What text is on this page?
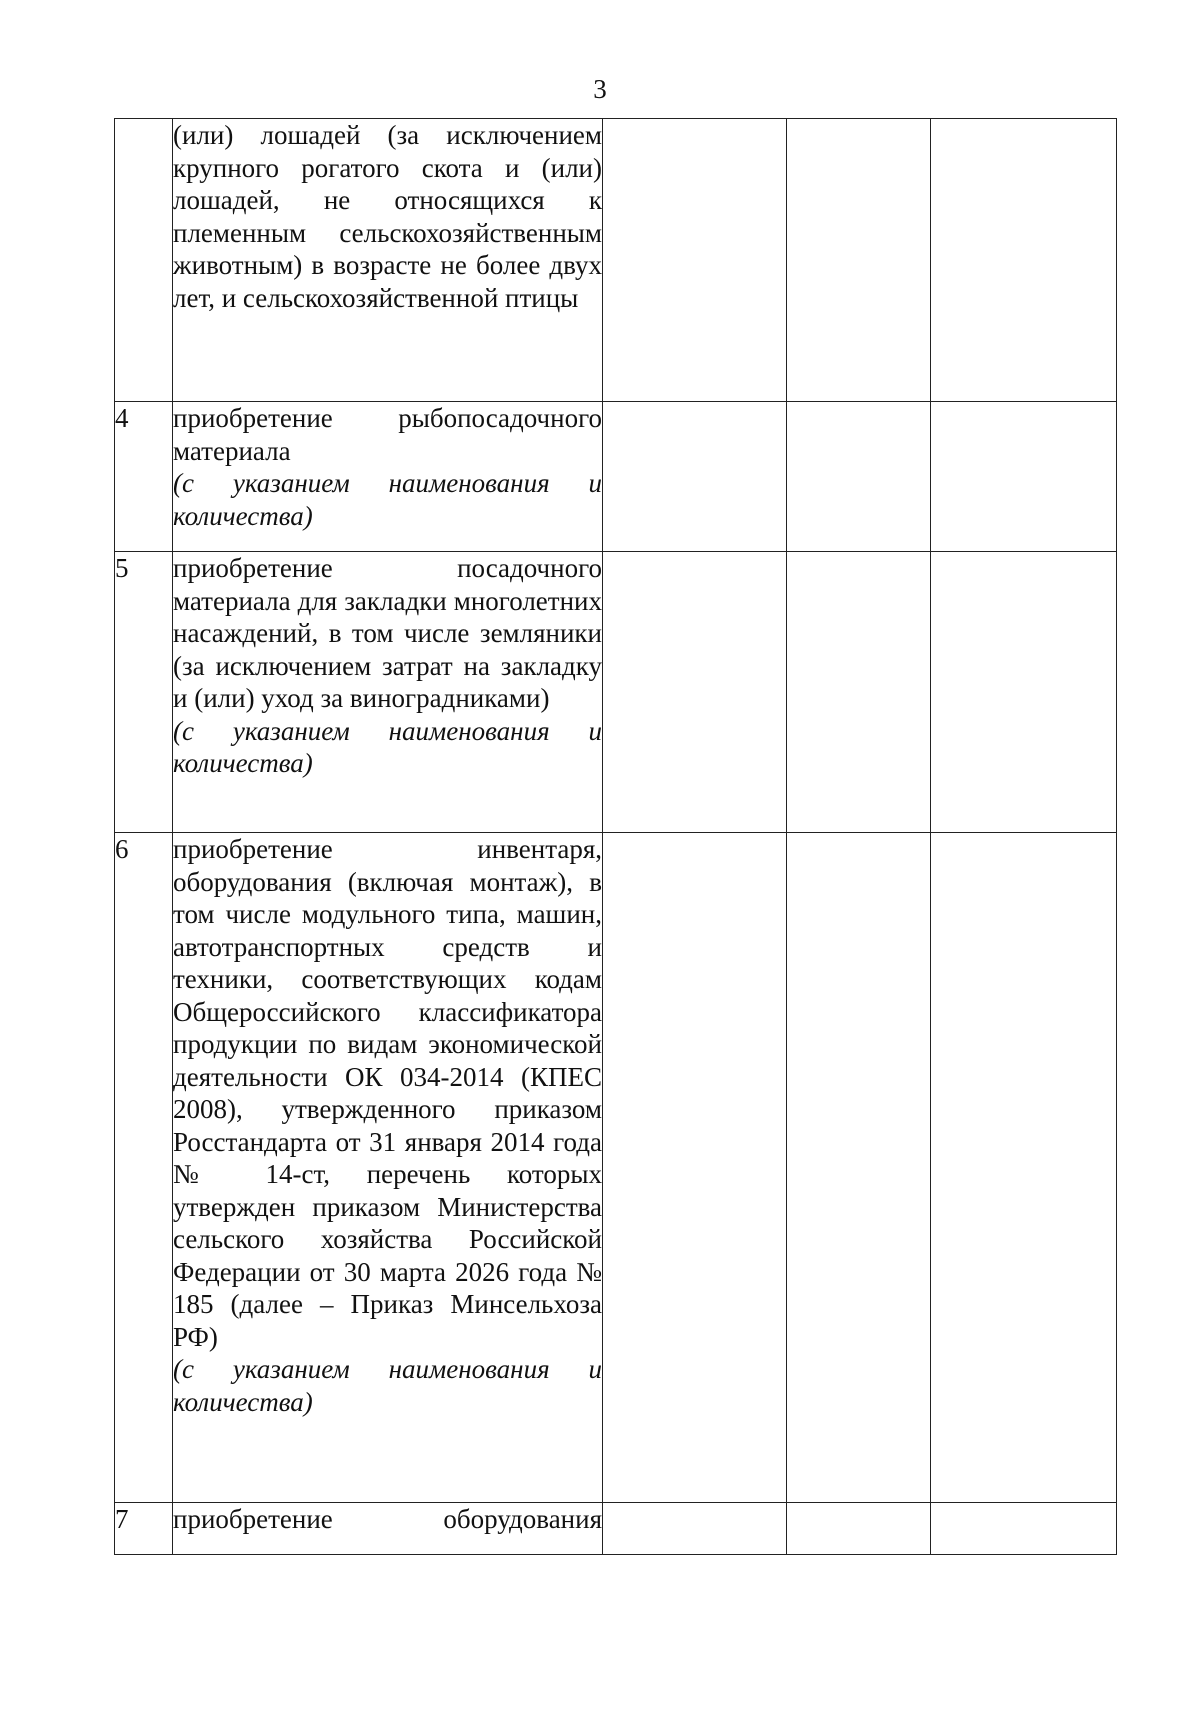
3

	(или) лошадей (за исключением крупного рогатого скота и (или) лошадей, не относящихся к племенным сельскохозяйственным животным) в возрасте не более двух лет, и сельскохозяйственной птицы			

4	приобретение рыбопосадочного материала
(с указанием наименования и количества)			

5	приобретение посадочного материала для закладки многолетних насаждений, в том числе земляники (за исключением затрат на закладку и (или) уход за виноградниками)
(с указанием наименования и количества)			

6	приобретение инвентаря, оборудования (включая монтаж), в том числе модульного типа, машин, автотранспортных средств и техники, соответствующих кодам Общероссийского классификатора продукции по видам экономической деятельности ОК 034-2014 (КПЕС 2008), утвержденного приказом Росстандарта от 31 января 2014 года № 14-ст, перечень которых утвержден приказом Министерства сельского хозяйства Российской Федерации от 30 марта 2026 года № 185 (далее – Приказ Минсельхоза РФ)
(с указанием наименования и количества)			

7	приобретение оборудования			
